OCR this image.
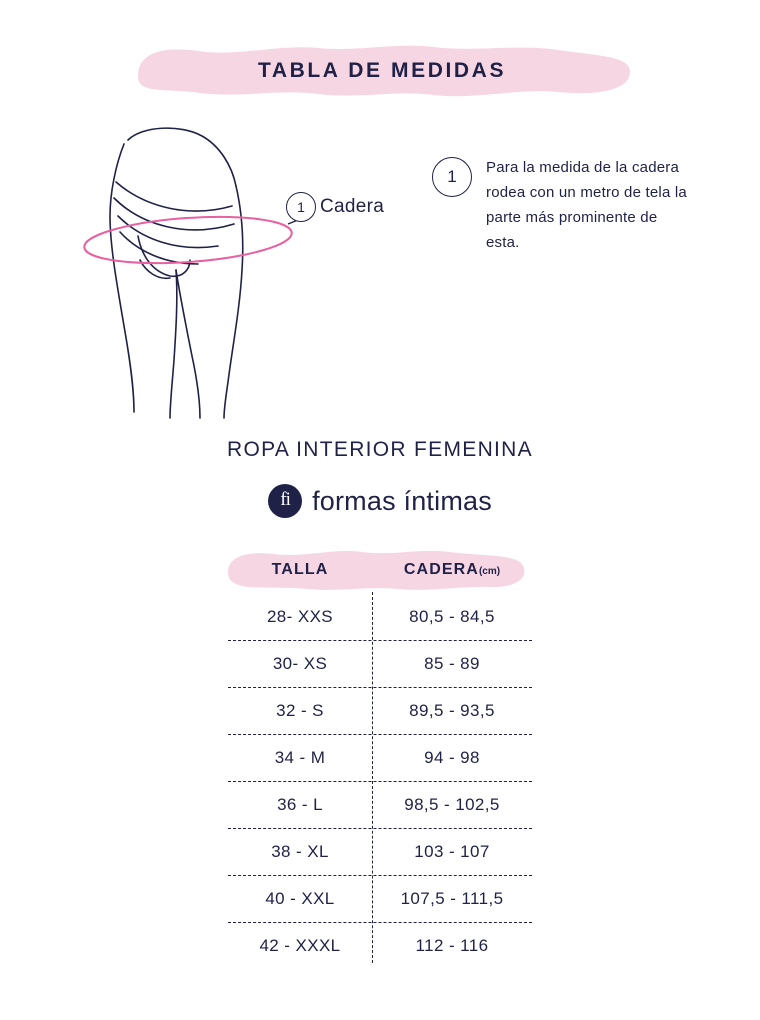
TABLA DE MEDIDAS
1 Cadera
1	Para la medida de la cadera rodea con un metro de tela la parte más prominente de esta.
ROPA INTERIOR FEMENINA
fi formas íntimas
TALLA	CADERA(cm)
28- XXS	80,5 - 84,5
30- XS	85 - 89
32 - S	89,5 - 93,5
34 - M	94 - 98
36 - L	98,5 - 102,5
38 - XL	103 - 107
40 - XXL	107,5 - 111,5
42 - XXXL	112 - 116
